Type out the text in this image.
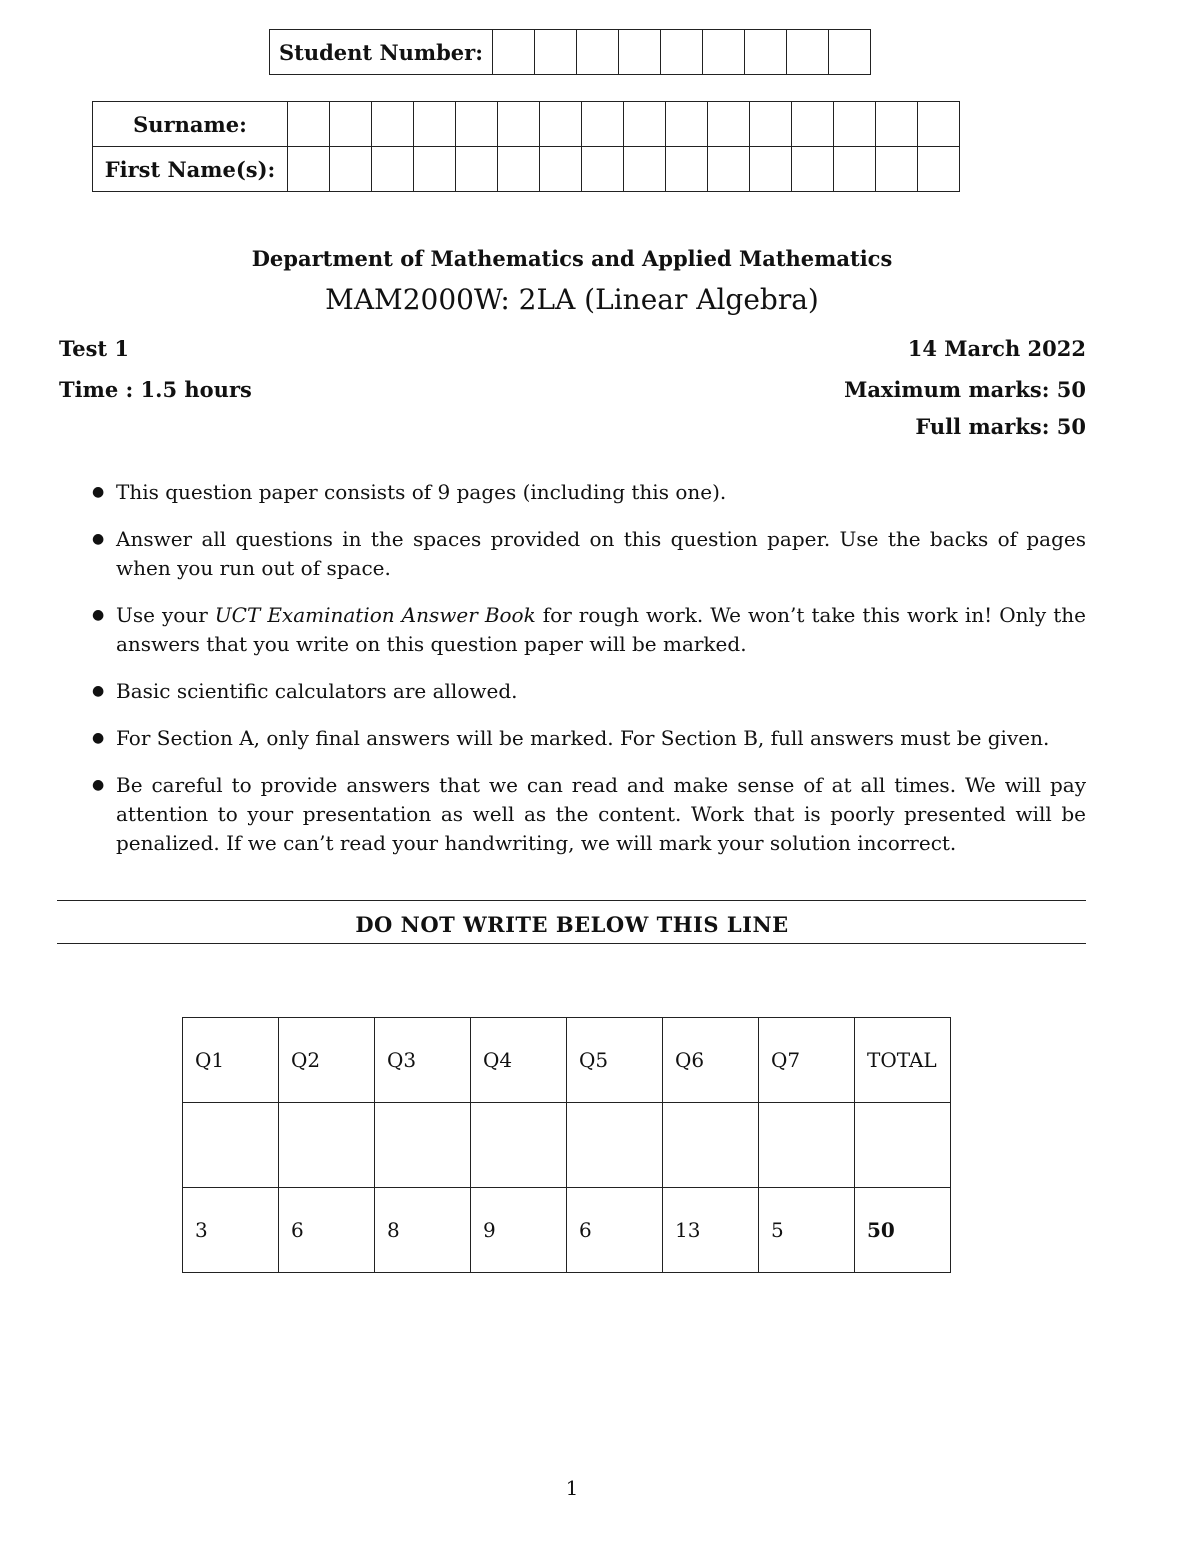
Student Number:									
Surname:																
First Name(s):																
Department of Mathematics and Applied Mathematics
MAM2000W: 2LA (Linear Algebra)
Test 1	14 March 2022
Time : 1.5 hours	Maximum marks: 50
Full marks: 50
● This question paper consists of 9 pages (including this one).
● Answer all questions in the spaces provided on this question paper. Use the backs of pages when you run out of space.
● Use your UCT Examination Answer Book for rough work. We won’t take this work in! Only the answers that you write on this question paper will be marked.
● Basic scientific calculators are allowed.
● For Section A, only final answers will be marked. For Section B, full answers must be given.
● Be careful to provide answers that we can read and make sense of at all times. We will pay attention to your presentation as well as the content. Work that is poorly presented will be penalized. If we can’t read your handwriting, we will mark your solution incorrect.
DO NOT WRITE BELOW THIS LINE
Q1	Q2	Q3	Q4	Q5	Q6	Q7	TOTAL

3	6	8	9	6	13	5	50
1
